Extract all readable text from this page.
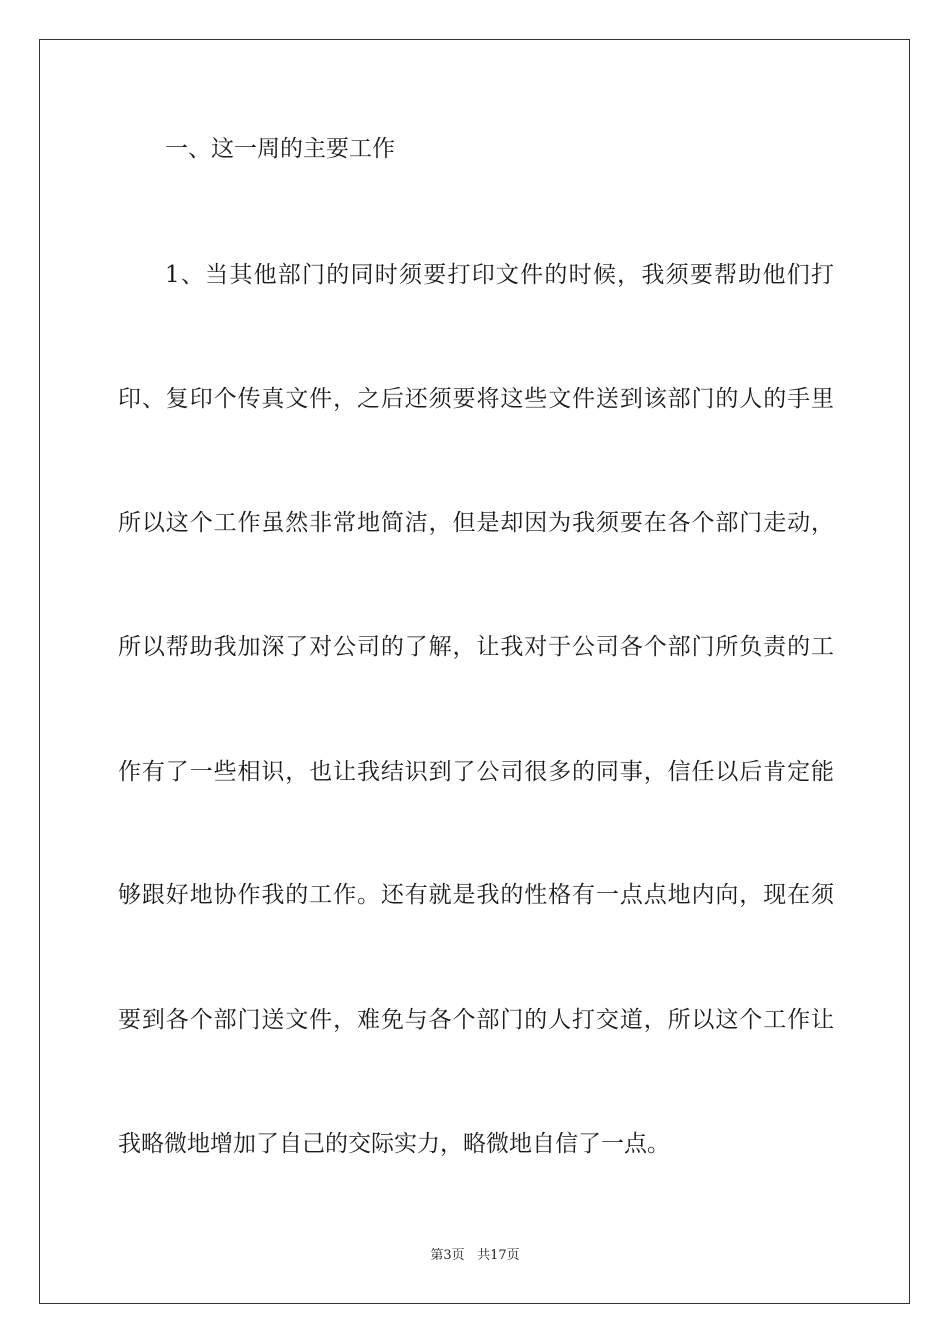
一、这一周的主要工作
1、当其他部门的同时须要打印文件的时候，我须要帮助他们打
印、复印个传真文件，之后还须要将这些文件送到该部门的人的手里
所以这个工作虽然非常地简洁，但是却因为我须要在各个部门走动，
所以帮助我加深了对公司的了解，让我对于公司各个部门所负责的工
作有了一些相识，也让我结识到了公司很多的同事，信任以后肯定能
够跟好地协作我的工作。还有就是我的性格有一点点地内向，现在须
要到各个部门送文件，难免与各个部门的人打交道，所以这个工作让
我略微地增加了自己的交际实力，略微地自信了一点。
第3页 共17页
